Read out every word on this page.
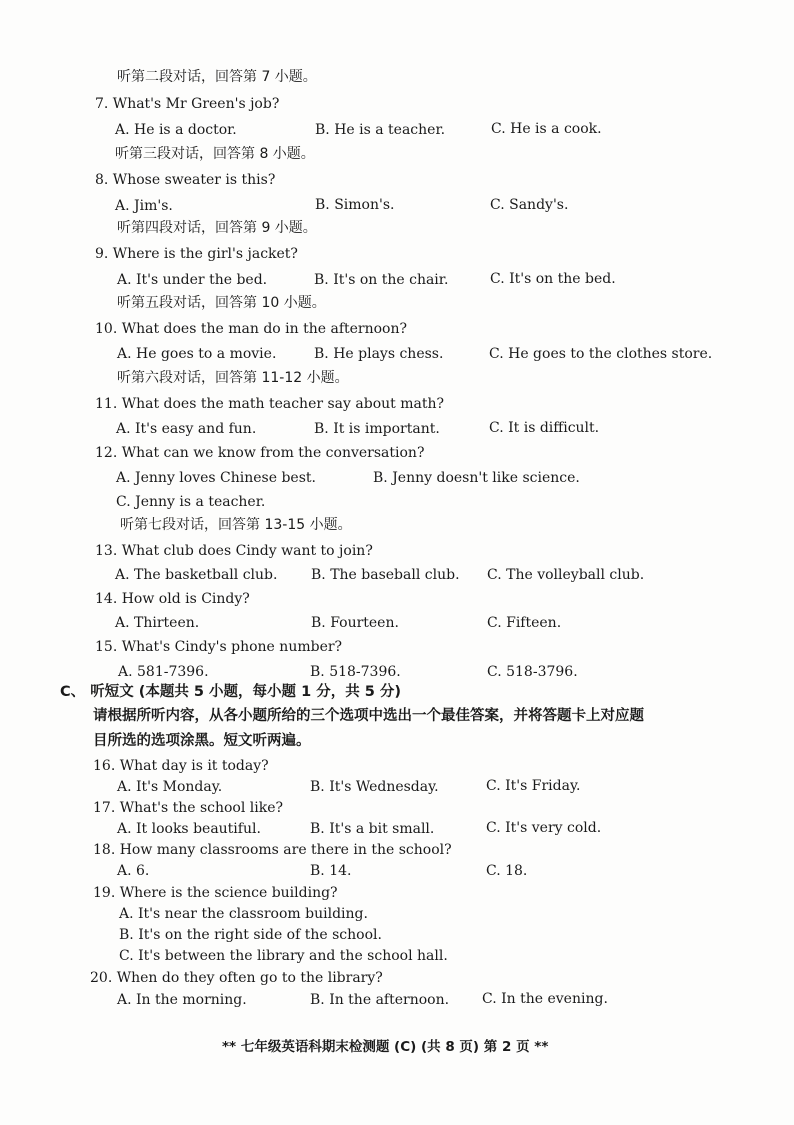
听第二段对话，回答第 7 小题。
7. What's Mr Green's job?
A. He is a doctor.	B. He is a teacher.	C. He is a cook.
听第三段对话，回答第 8 小题。
8. Whose sweater is this?
A. Jim's.	B. Simon's.	C. Sandy's.
听第四段对话，回答第 9 小题。
9. Where is the girl's jacket?
A. It's under the bed.	B. It's on the chair.	C. It's on the bed.
听第五段对话，回答第 10 小题。
10. What does the man do in the afternoon?
A. He goes to a movie.	B. He plays chess.	C. He goes to the clothes store.
听第六段对话，回答第 11-12 小题。
11. What does the math teacher say about math?
A. It's easy and fun.	B. It is important.	C. It is difficult.
12. What can we know from the conversation?
A. Jenny loves Chinese best.	B. Jenny doesn't like science.
C. Jenny is a teacher.
听第七段对话，回答第 13-15 小题。
13. What club does Cindy want to join?
A. The basketball club. B. The baseball club. C. The volleyball club.
14. How old is Cindy?
A. Thirteen.	B. Fourteen.	C. Fifteen.
15. What's Cindy's phone number?
A. 581-7396.	B. 518-7396.	C. 518-3796.
C、 听短文 (本题共 5 小题，每小题 1 分，共 5 分)
请根据所听内容，从各小题所给的三个选项中选出一个最佳答案，并将答题卡上对应题
目所选的选项涂黑。短文听两遍。
16. What day is it today?
A. It's Monday.	B. It's Wednesday.	C. It's Friday.
17. What's the school like?
A. It looks beautiful.	B. It's a bit small.	C. It's very cold.
18. How many classrooms are there in the school?
A. 6.	B. 14.	C. 18.
19. Where is the science building?
A. It's near the classroom building.
B. It's on the right side of the school.
C. It's between the library and the school hall.
20. When do they often go to the library?
A. In the morning.	B. In the afternoon. C. In the evening.
** 七年级英语科期末检测题 (C) (共 8 页) 第 2 页 **
